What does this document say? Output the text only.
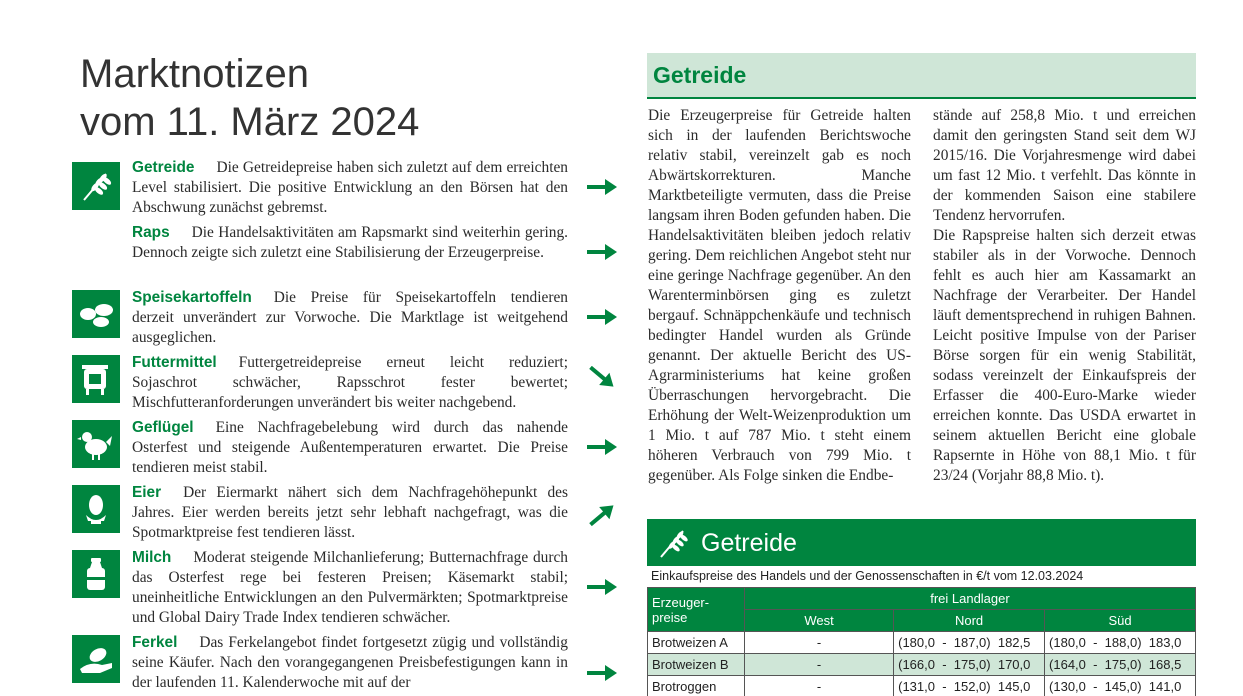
Marktnotizen
vom 11. März 2024
Getreide Die Getreidepreise haben sich zuletzt auf dem erreichten Level stabilisiert. Die positive Entwicklung an den Börsen hat den Abschwung zunächst gebremst.
Raps Die Handelsaktivitäten am Rapsmarkt sind weiterhin gering. Dennoch zeigte sich zuletzt eine Stabilisierung der Erzeugerpreise.
Speisekartoffeln Die Preise für Speisekartoffeln tendieren derzeit unverändert zur Vorwoche. Die Marktlage ist weitgehend ausgeglichen.
Futtermittel Futtergetreidepreise erneut leicht reduziert; Sojaschrot schwächer, Rapsschrot fester bewertet; Mischfutteranforderungen unverändert bis weiter nachgebend.
Geflügel Eine Nachfragebelebung wird durch das nahende Osterfest und steigende Außentemperaturen erwartet. Die Preise tendieren meist stabil.
Eier Der Eiermarkt nähert sich dem Nachfragehöhepunkt des Jahres. Eier werden bereits jetzt sehr lebhaft nachgefragt, was die Spotmarktpreise fest tendieren lässt.
Milch Moderat steigende Milchanlieferung; Butternachfrage durch das Osterfest rege bei festeren Preisen; Käsemarkt stabil; uneinheitliche Entwicklungen an den Pulvermärkten; Spotmarktpreise und Global Dairy Trade Index tendieren schwächer.
Ferkel Das Ferkelangebot findet fortgesetzt zügig und vollständig seine Käufer. Nach den vorangegangenen Preisbefestigungen kann in der laufenden 11. Kalenderwoche mit auf der
Getreide
Die Erzeugerpreise für Getreide halten sich in der laufenden Berichtswoche relativ stabil, vereinzelt gab es noch Abwärtskorrekturen. Manche Marktbeteiligte vermuten, dass die Preise langsam ihren Boden gefunden haben. Die Handelsaktivitäten bleiben jedoch relativ gering. Dem reichlichen Angebot steht nur eine geringe Nachfrage gegenüber. An den Warenterminbörsen ging es zuletzt bergauf. Schnäppchenkäufe und technisch bedingter Handel wurden als Gründe genannt. Der aktuelle Bericht des US-Agrarministeriums hat keine großen Überraschungen hervorgebracht. Die Erhöhung der Welt-Weizenproduktion um 1 Mio. t auf 787 Mio. t steht einem höheren Verbrauch von 799 Mio. t gegenüber. Als Folge sinken die Endbe-
stände auf 258,8 Mio. t und erreichen damit den geringsten Stand seit dem WJ 2015/16. Die Vorjahresmenge wird dabei um fast 12 Mio. t verfehlt. Das könnte in der kommenden Saison eine stabilere Tendenz hervorrufen.
Die Rapspreise halten sich derzeit etwas stabiler als in der Vorwoche. Dennoch fehlt es auch hier am Kassamarkt an Nachfrage der Verarbeiter. Der Handel läuft dementsprechend in ruhigen Bahnen. Leicht positive Impulse von der Pariser Börse sorgen für ein wenig Stabilität, sodass vereinzelt der Einkaufspreis der Erfasser die 400-Euro-Marke wieder erreichen konnte. Das USDA erwartet in seinem aktuellen Bericht eine globale Rapsernte in Höhe von 88,1 Mio. t für 23/24 (Vorjahr 88,8 Mio. t).
Getreide
Einkaufspreise des Handels und der Genossenschaften in €/t vom 12.03.2024
Erzeuger-
preise	frei Landlager		
	West	Nord	Süd
Brotweizen A	-	(180,0  -  187,0) 182,5	(180,0  -  188,0) 183,0
Brotweizen B	-	(166,0  -  175,0) 170,0	(164,0  -  175,0) 168,5
Brotroggen	-	(131,0  -  152,0) 145,0	(130,0  -  145,0) 141,0
